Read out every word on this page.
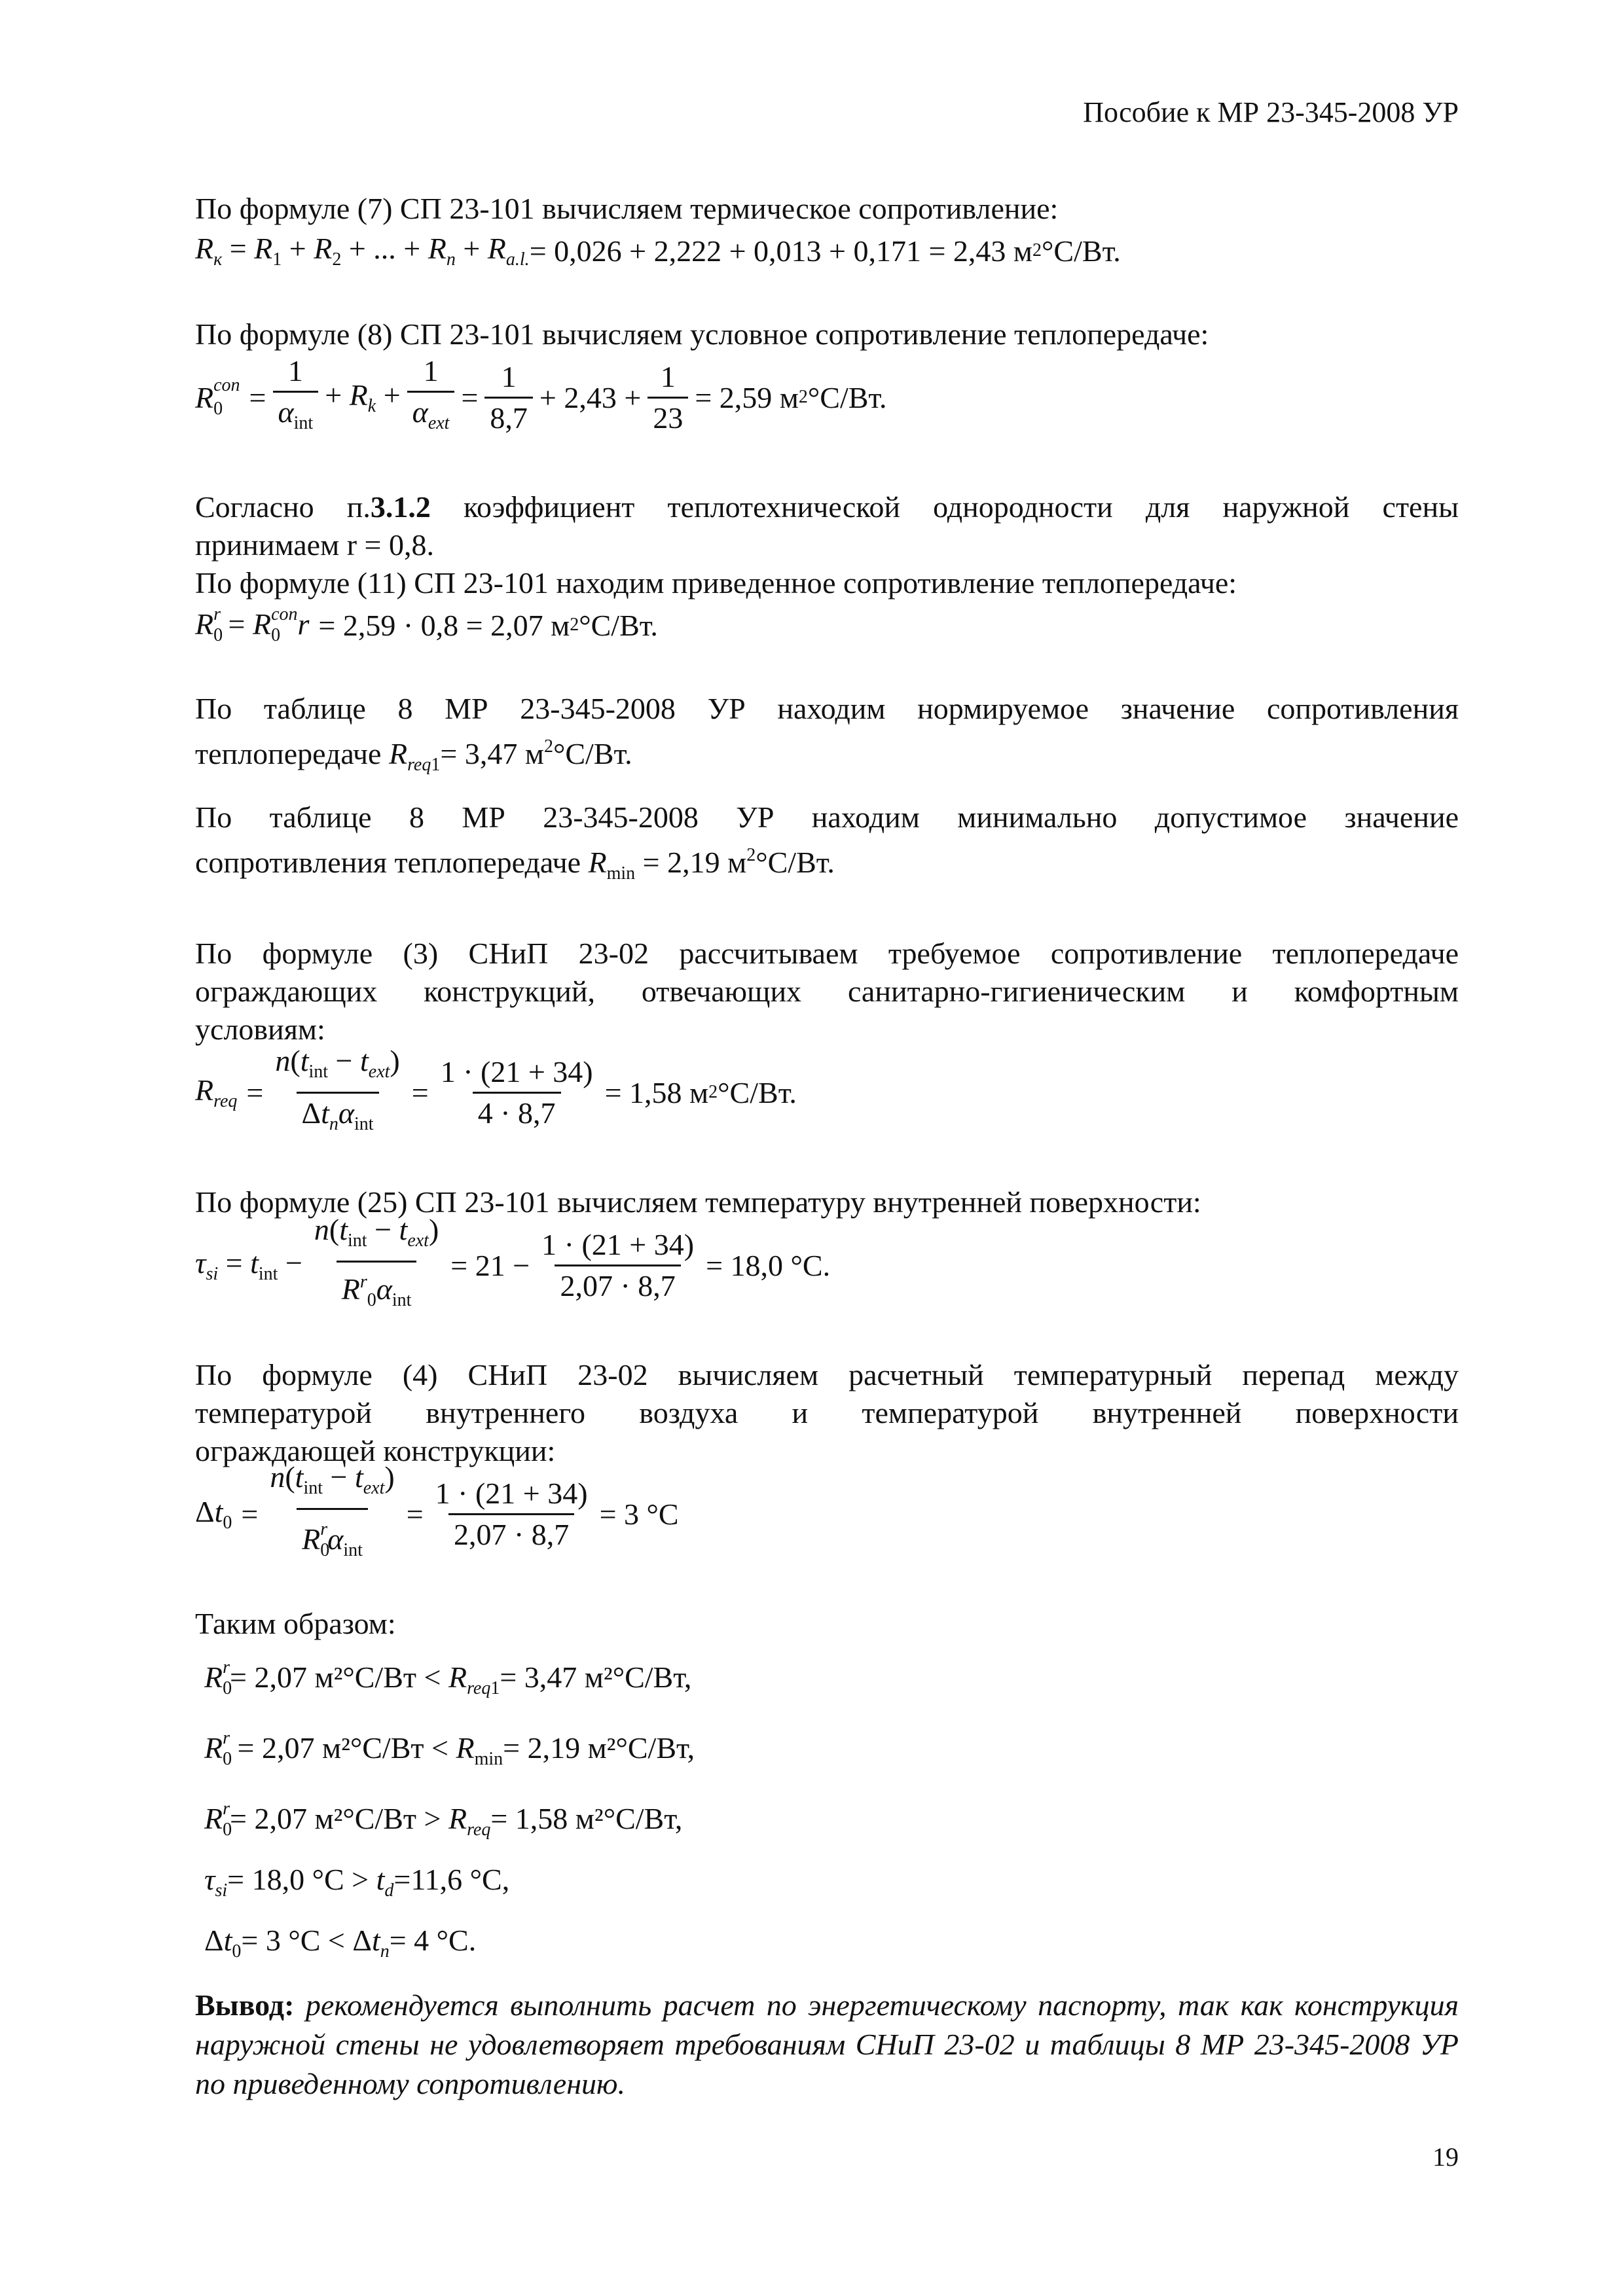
Пособие к МР 23-345-2008 УР

По формуле (7) СП 23-101 вычисляем термическое сопротивление:

$R_к = R_1 + R_2$ + ... + $R_n + R_{a.l.} = 0,026 + 2,222 + 0,013 + 0,171 = 2,43$ м 2 ° C/Вт.

По формуле (8) СП 23-101 вычисляем условное сопротивление теплопередаче:

$R_0^{con} = \frac{1}{\alpha_{int}} + R_k + \frac{1}{\alpha_{ext}} = \frac{1}{8,7} + 2,43 + \frac{1}{23} = 2,59$ м 2 °C/Вт.

Согласно п.3.1.2 коэффициент теплотехнической однородности для наружной стены

принимаем r = 0,8.

По формуле (11) СП 23-101 находим приведенное сопротивление теплопередаче:

$R_0^r = R_0^{con}r = 2,59 \cdot 0,8 = 2,07$ м 2 °C/Вт.

По таблице 8 МР 23-345-2008 УР находим нормируемое значение сопротивления

теплопередаче $R_{req1}= 3,47$ $м^2^\circ C/Вт$.

По таблице 8 МР 23-345-2008 УР находим минимально допустимое значение

сопротивления теплопередаче $R_{min} = 2,19$ $м^2^\circ C/Вт$.

По формуле (3) СНиП 23-02 рассчитываем требуемое сопротивление теплопередаче

ограждающих конструкций, отвечающих санитарно-гигиеническим и комфортным

условиям:

$R_{req} = \frac{n(t_{int} - t_{ext})}{\Delta t_n\alpha_{int}} = \frac{1 \cdot (21 + 34)}{4 \cdot 8,7} = 1,58$ м 2 °C/Вт.

По формуле (25) СП 23-101 вычисляем температуру внутренней поверхности:

$\tau_{si} = t_{int} - \frac{n(t_{int} - t_{ext})}{R^r_0\alpha_{int}} = 21 - \frac{1 \cdot (21 + 34)}{2,07 \cdot 8,7} = 18,0$ °C.

По формуле (4) СНиП 23-02 вычисляем расчетный температурный перепад между

температурой внутреннего воздуха и температурой внутренней поверхности

ограждающей конструкции:

$\Delta t_0 = \frac{n(t_{int} - t_{ext})}{R_0^r\alpha_{int}} = \frac{1 \cdot (21 + 34)}{2,07 \cdot 8,7} = 3$ °C

Таким образом:

$R_0^r= 2,07$ $м^2^\circ C/Вт < R_{req1}= 3,47$ м²°C/Вт,

$R_0^r = 2,07$ $м^2^\circ C/Вт < R_{min}= 2,19$ м²°C/Вт,

$R_0^r= 2,07$ $м^2^\circ C/Вт > R_{req}= 1,58$ м²°C/Вт,

$\tau_{si}= 18,0$ $^\circ C > t_d=11,6$ °C,

$\Delta t_0= 3$ $^\circ C < \Delta t_n= 4$ °C.

Вывод: рекомендуется выполнить расчет по энергетическому паспорту, так как конструкция наружной стены не удовлетворяет требованиям СНиП 23-02 и таблицы 8 МР 23-345-2008 УР по приведенному сопротивлению.

19
